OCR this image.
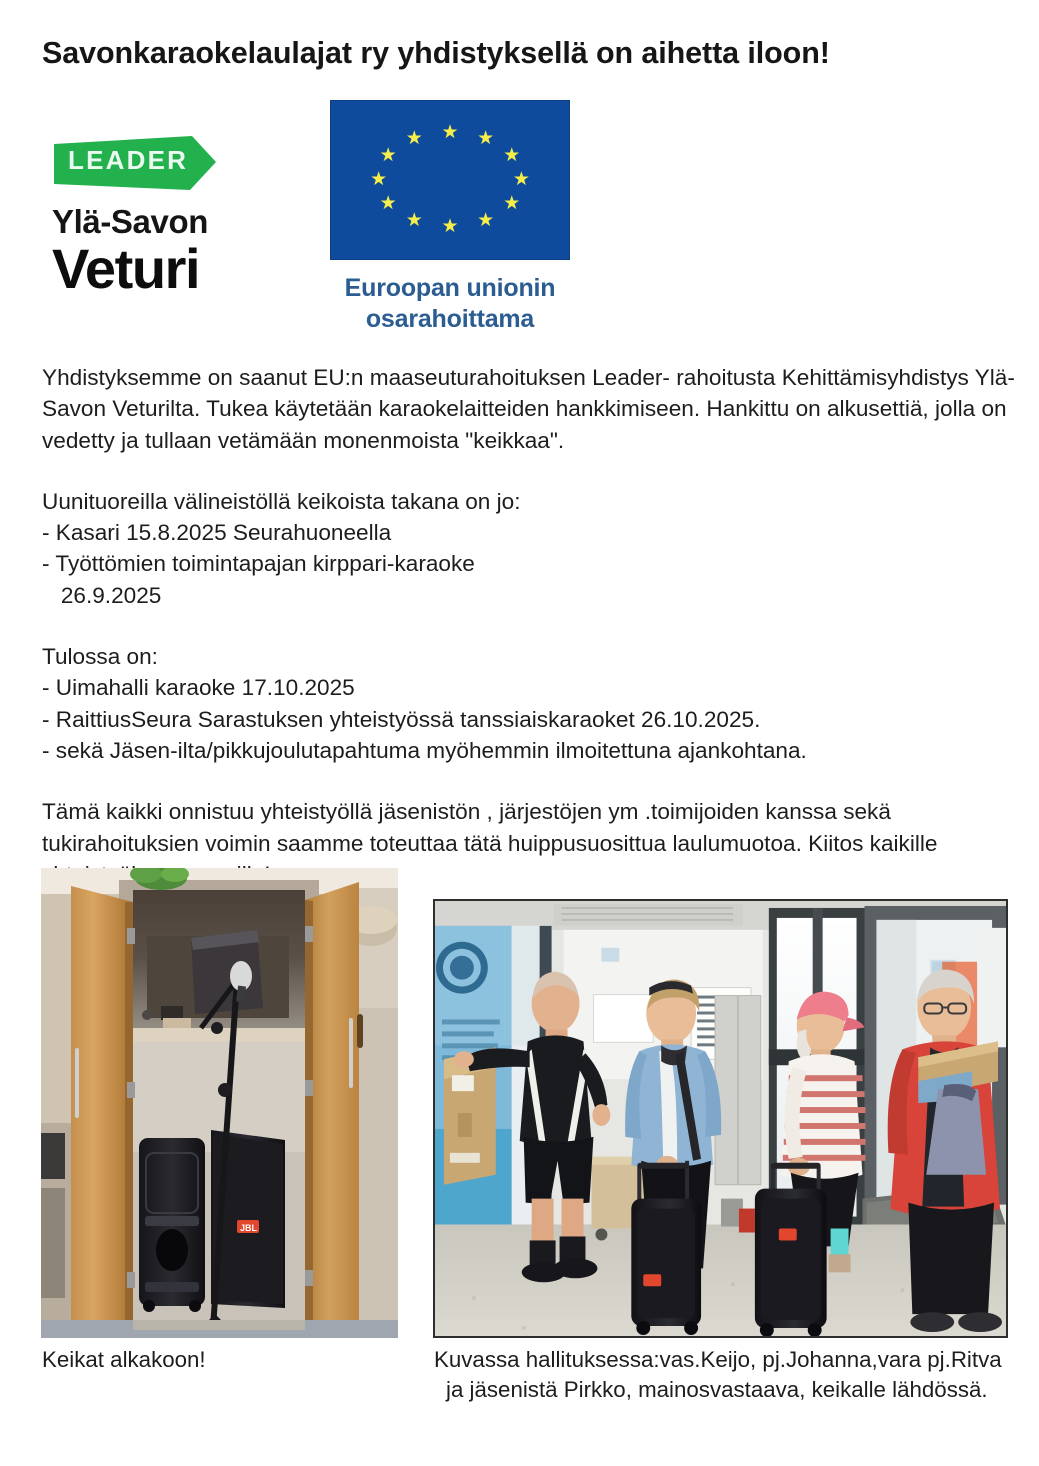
Savonkaraokelaulajat ry yhdistyksellä on aihetta iloon!
LEADER
Ylä-Savon
Veturi	Euroopan unionin
osarahoittama

Yhdistyksemme on saanut EU:n maaseuturahoituksen Leader- rahoitusta Kehittämisyhdistys Ylä-
Savon Veturilta. Tukea käytetään karaokelaitteiden hankkimiseen. Hankittu on alkusettiä, jolla on
vedetty ja tullaan vetämään monenmoista "keikkaa".

Uunituoreilla välineistöllä keikoista takana on jo:
- Kasari 15.8.2025 Seurahuoneella
- Työttömien toimintapajan kirppari-karaoke
26.9.2025

Tulossa on:
- Uimahalli karaoke 17.10.2025
- RaittiusSeura Sarastuksen yhteistyössä tanssiaiskaraoket 26.10.2025.
- sekä Jäsen-ilta/pikkujoulutapahtuma myöhemmin ilmoitettuna ajankohtana.

Tämä kaikki onnistuu yhteistyöllä jäsenistön , järjestöjen ym .toimijoiden kanssa sekä
tukirahoituksien voimin saamme toteuttaa tätä huippusuosittua laulumuotoa. Kiitos kaikille

JBL
Keikat alkakoon!	Kuvassa hallituksessa:vas.Keijo, pj.Johanna,vara pj.Ritva
ja jäsenistä Pirkko, mainosvastaava, keikalle lähdössä.
